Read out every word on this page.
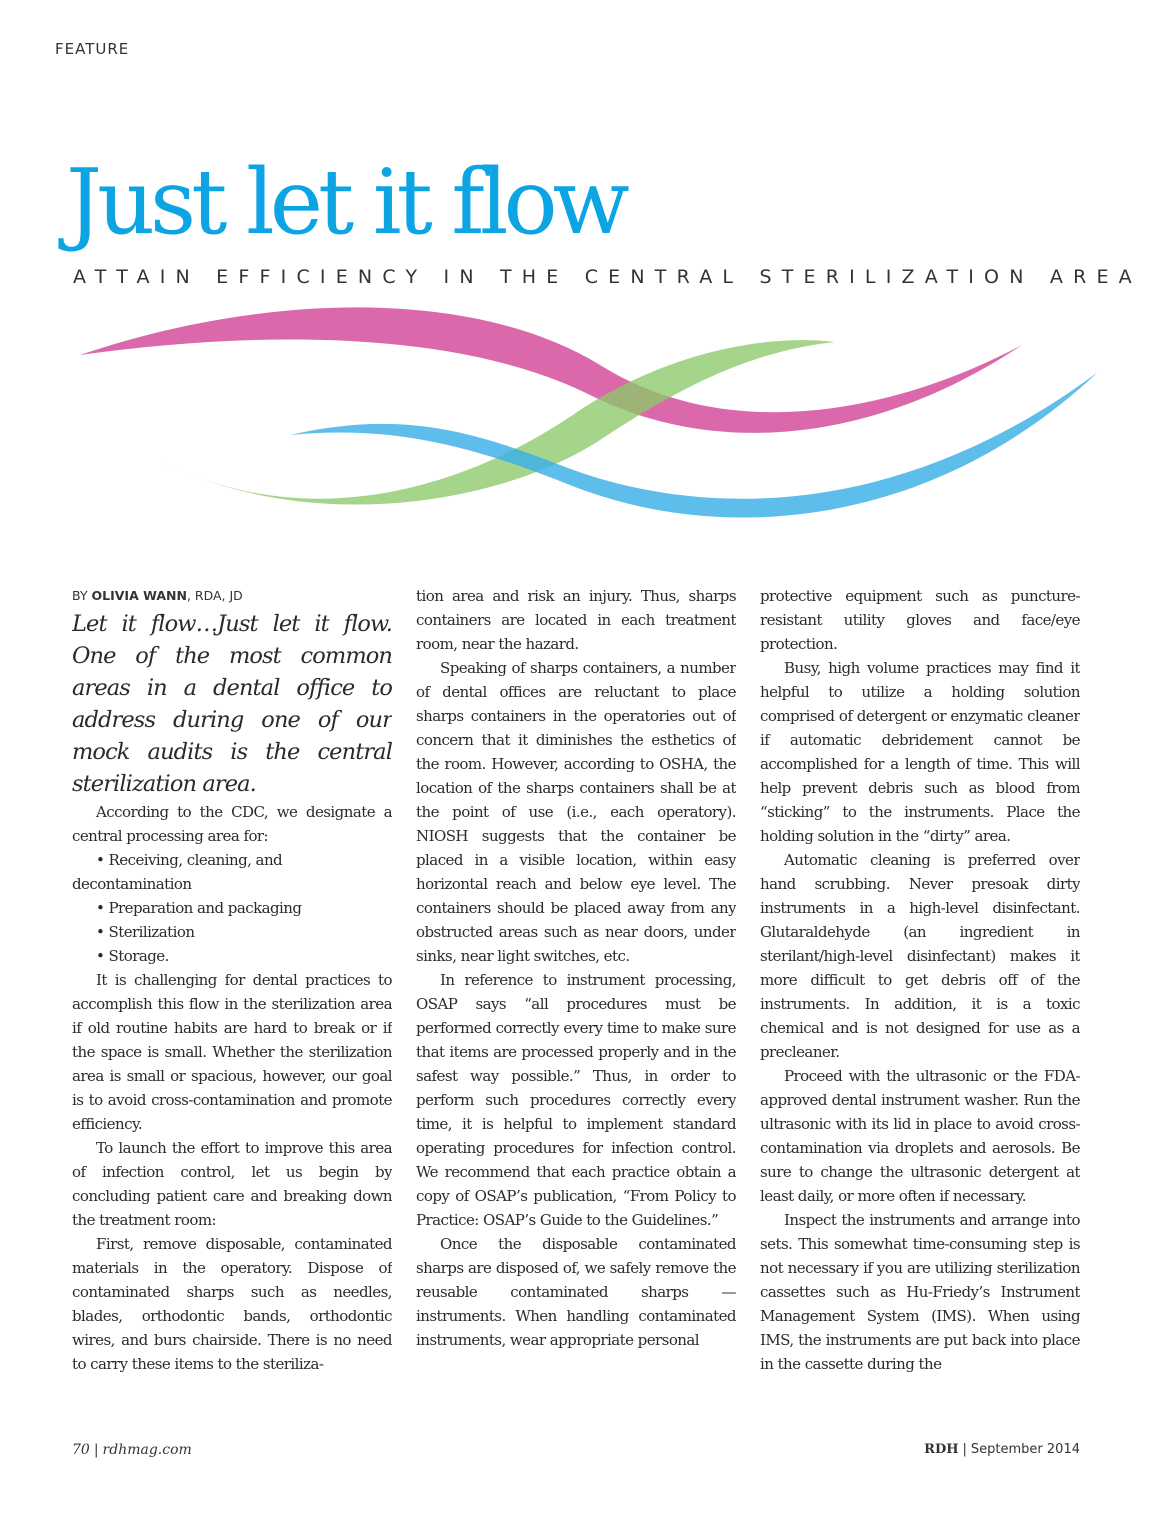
FEATURE
Just let it flow
ATTAIN EFFICIENCY IN THE CENTRAL STERILIZATION AREA

BY OLIVIA WANN, RDA, JD

Let it flow…Just let it flow. One of the most common areas in a dental office to address during one of our mock audits is the central sterilization area.

According to the CDC, we designate a central processing area for:

• Receiving, cleaning, and decontamination

• Preparation and packaging

• Sterilization

• Storage.

It is challenging for dental practices to accomplish this flow in the sterilization area if old routine habits are hard to break or if the space is small. Whether the sterilization area is small or spacious, however, our goal is to avoid cross-contamination and promote efficiency.

To launch the effort to improve this area of infection control, let us begin by concluding patient care and breaking down the treatment room:

First, remove disposable, contaminated materials in the operatory. Dispose of contaminated sharps such as needles, blades, orthodontic bands, orthodontic wires, and burs chairside. There is no need to carry these items to the steriliza-

tion area and risk an injury. Thus, sharps containers are located in each treatment room, near the hazard.

Speaking of sharps containers, a number of dental offices are reluctant to place sharps containers in the operatories out of concern that it diminishes the esthetics of the room. However, according to OSHA, the location of the sharps containers shall be at the point of use (i.e., each operatory). NIOSH suggests that the container be placed in a visible location, within easy horizontal reach and below eye level. The containers should be placed away from any obstructed areas such as near doors, under sinks, near light switches, etc.

In reference to instrument processing, OSAP says “all procedures must be performed correctly every time to make sure that items are processed properly and in the safest way possible.” Thus, in order to perform such procedures correctly every time, it is helpful to implement standard operating procedures for infection control. We recommend that each practice obtain a copy of OSAP’s publication, “From Policy to Practice: OSAP’s Guide to the Guidelines.”

Once the disposable contaminated sharps are disposed of, we safely remove the reusable contaminated sharps — instruments. When handling contaminated instruments, wear appropriate personal

protective equipment such as puncture-resistant utility gloves and face/eye protection.

Busy, high volume practices may find it helpful to utilize a holding solution comprised of detergent or enzymatic cleaner if automatic debridement cannot be accomplished for a length of time. This will help prevent debris such as blood from “sticking” to the instruments. Place the holding solution in the “dirty” area.

Automatic cleaning is preferred over hand scrubbing. Never presoak dirty instruments in a high-level disinfectant. Glutaraldehyde (an ingredient in sterilant/high-level disinfectant) makes it more difficult to get debris off of the instruments. In addition, it is a toxic chemical and is not designed for use as a precleaner.

Proceed with the ultrasonic or the FDA-approved dental instrument washer. Run the ultrasonic with its lid in place to avoid cross-contamination via droplets and aerosols. Be sure to change the ultrasonic detergent at least daily, or more often if necessary.

Inspect the instruments and arrange into sets. This somewhat time-consuming step is not necessary if you are utilizing sterilization cassettes such as Hu-Friedy’s Instrument Management System (IMS). When using IMS, the instruments are put back into place in the cassette during the

70 | rdhmag.com	RDH | September 2014
